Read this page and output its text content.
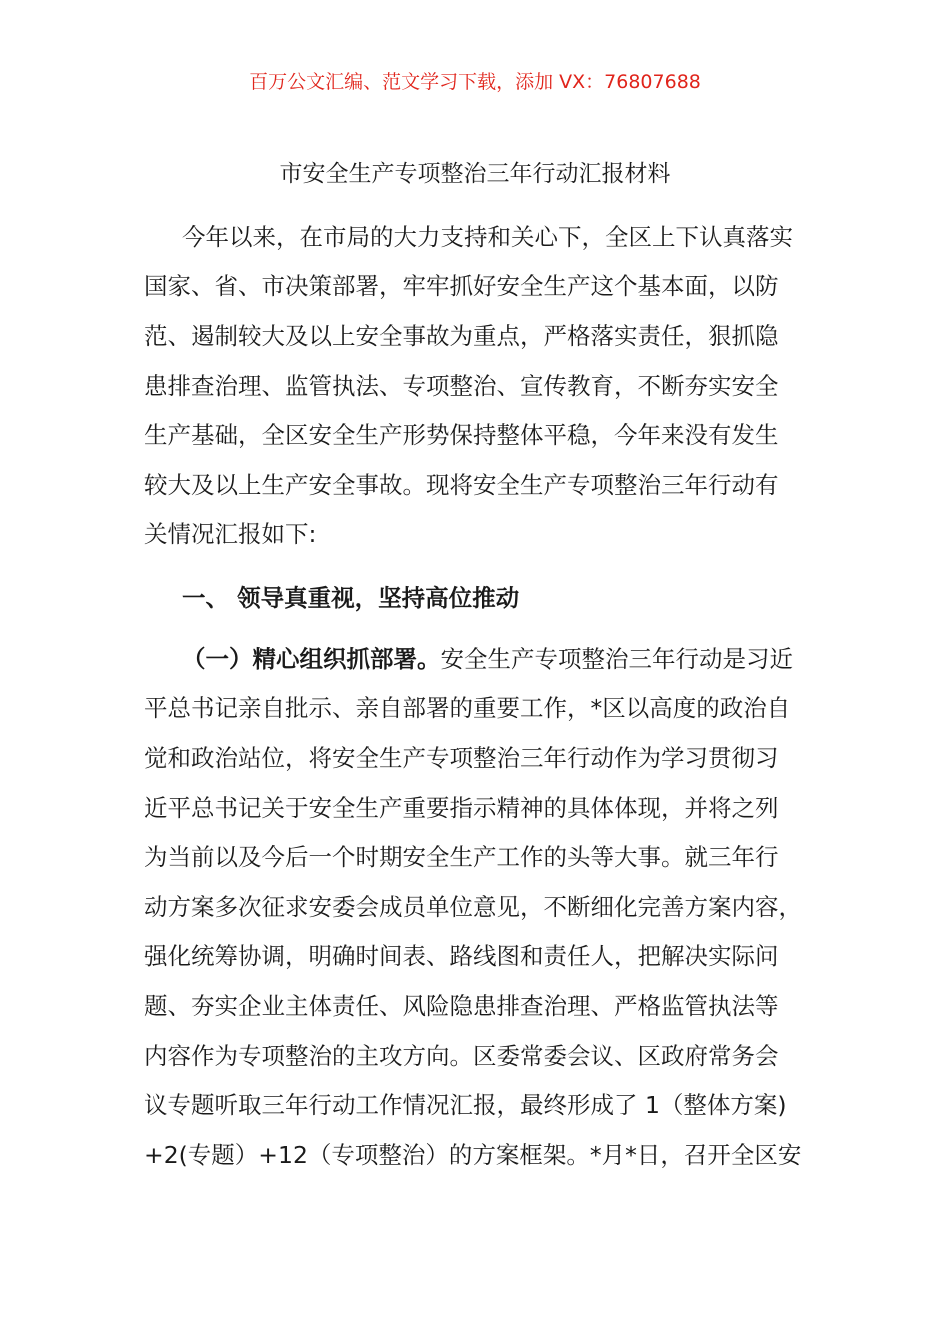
百万公文汇编、范文学习下载，添加 VX：76807688
市安全生产专项整治三年行动汇报材料
今年以来，在市局的大力支持和关心下，全区上下认真落实
国家、省、市决策部署，牢牢抓好安全生产这个基本面，以防
范、遏制较大及以上安全事故为重点，严格落实责任，狠抓隐
患排查治理、监管执法、专项整治、宣传教育，不断夯实安全
生产基础，全区安全生产形势保持整体平稳，今年来没有发生
较大及以上生产安全事故。现将安全生产专项整治三年行动有
关情况汇报如下:
一、 领导真重视，坚持高位推动
（一）精心组织抓部署。安全生产专项整治三年行动是习近
平总书记亲自批示、亲自部署的重要工作，*区以高度的政治自
觉和政治站位，将安全生产专项整治三年行动作为学习贯彻习
近平总书记关于安全生产重要指示精神的具体体现，并将之列
为当前以及今后一个时期安全生产工作的头等大事。就三年行
动方案多次征求安委会成员单位意见，不断细化完善方案内容，
强化统筹协调，明确时间表、路线图和责任人，把解决实际问
题、夯实企业主体责任、风险隐患排查治理、严格监管执法等
内容作为专项整治的主攻方向。区委常委会议、区政府常务会
议专题听取三年行动工作情况汇报，最终形成了 1（整体方案)
+2(专题）+12（专项整治）的方案框架。*月*日，召开全区安
